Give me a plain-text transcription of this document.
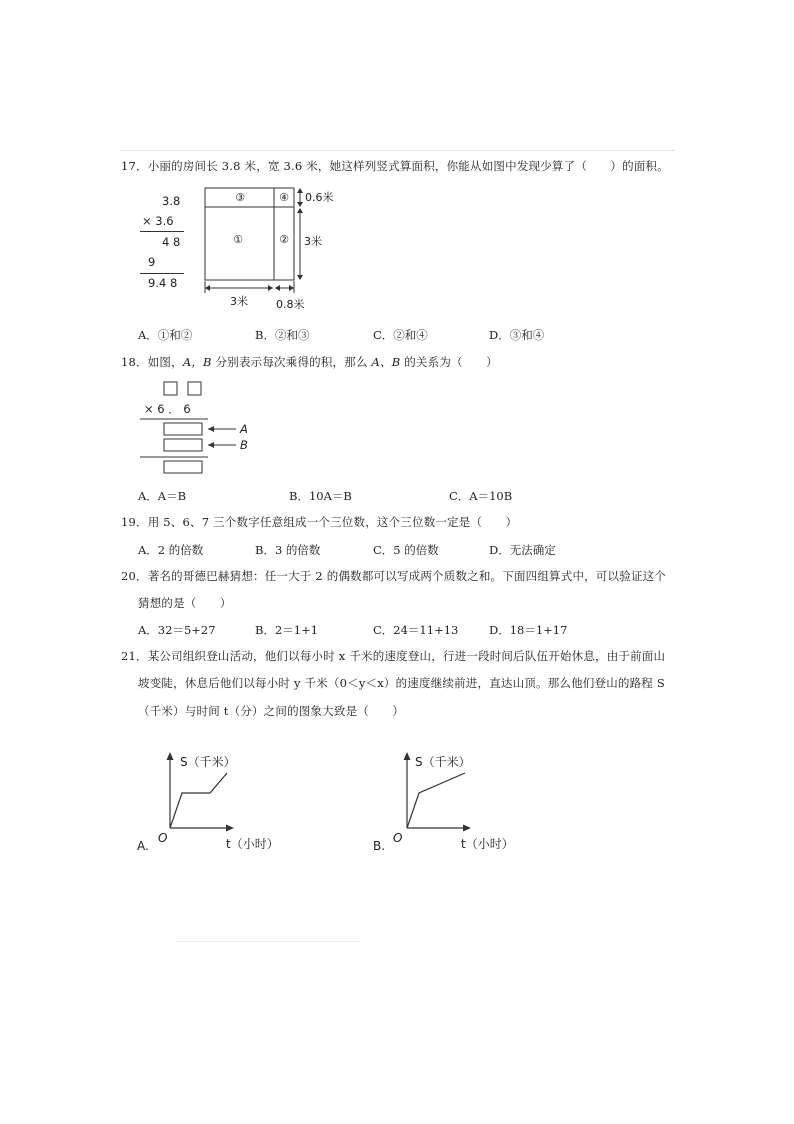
17．小丽的房间长 3.8 米，宽 3.6 米，她这样列竖式算面积，你能从如图中发现少算了（　　）的面积。
3.8
× 3.6
4 8
9
9.4 8
③	④
①	②
0.6米
3米
3米	0.8米
A．①和②	B．②和③	C．②和④	D．③和④
18．如图，A，B 分别表示每次乘得的积，那么 A、B 的关系为（　　）
× 6 ． 6
A
B
A．A＝B	B．10A＝B	C．A＝10B
19．用 5、6、7 三个数字任意组成一个三位数，这个三位数一定是（　　）
A．2 的倍数	B．3 的倍数	C．5 的倍数	D．无法确定
20．著名的哥德巴赫猜想：任一大于 2 的偶数都可以写成两个质数之和。下面四组算式中，可以验证这个
猜想的是（　　）
A．32＝5+27	B．2＝1+1	C．24＝11+13	D．18＝1+17
21．某公司组织登山活动，他们以每小时 x 千米的速度登山，行进一段时间后队伍开始休息，由于前面山
坡变陡，休息后他们以每小时 y 千米（0＜y＜x）的速度继续前进，直达山顶。那么他们登山的路程 S
（千米）与时间 t（分）之间的图象大致是（　　）
S（千米）
O	t（小时）
A.
S（千米）
O	t（小时）
B.
